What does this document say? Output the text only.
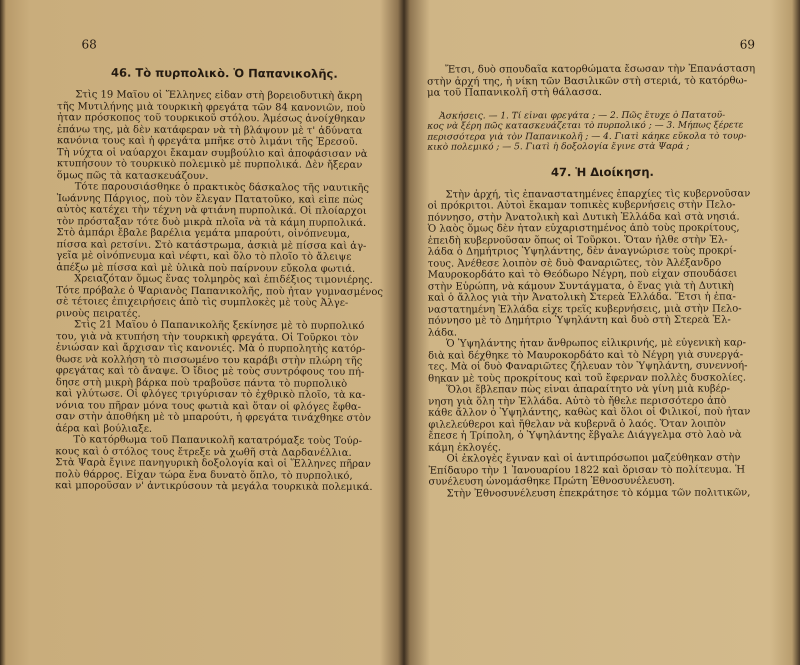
68
46. Τὸ πυρπολικὸ. Ὁ Παπανικολῆς.
Στὶς 19 Μαΐου οἱ Ἕλληνες εἶδαν στὴ βορειοδυτικὴ ἄκρη
τῆς Μυτιλήνης μιὰ τουρκικὴ φρεγάτα τῶν 84 κανονιῶν, ποὺ
ἦταν πρόσκοπος τοῦ τουρκικοῦ στόλου. Ἀμέσως ἀνοίχθηκαν
ἐπάνω της, μὰ δὲν κατάφεραν νὰ τὴ βλάψουν μὲ τ' ἀδύνατα
κανόνια τους καὶ ἡ φρεγάτα μπῆκε στὸ λιμάνι τῆς Ἐρεσοῦ.
Τὴ νύχτα οἱ ναύαρχοι ἔκαμαν συμβούλιο καὶ ἀποφάσισαν νὰ
κτυπήσουν τὸ τουρκικὸ πολεμικὸ μὲ πυρπολικά. Δὲν ἤξεραν
ὅμως πῶς τὰ κατασκευάζουν.
Τότε παρουσιάσθηκε ὁ πρακτικὸς δάσκαλος τῆς ναυτικῆς
Ἰωάννης Πάργιος, ποὺ τὸν ἔλεγαν Πατατοῦκο, καὶ εἶπε πὼς
αὐτὸς κατέχει τὴν τέχνη νὰ φτιάνη πυρπολικά. Οἱ πλοίαρχοι
τὸν πρόσταξαν τότε δυὸ μικρὰ πλοῖα νὰ τὰ κάμη πυρπολικά.
Στὸ ἀμπάρι ἔβαλε βαρέλια γεμάτα μπαρούτι, οἰνόπνευμα,
πίσσα καὶ ρετσίνι. Στὸ κατάστρωμα, ἀσκιὰ μὲ πίσσα καὶ ἀγ-
γεῖα μὲ οἰνόπνευμα καὶ νέφτι, καὶ ὅλο τὸ πλοῖο τὸ ἄλειψε
ἀπέξω μὲ πίσσα καὶ μὲ ὑλικὰ ποὺ παίρνουν εὔκολα φωτιά.
Χρειαζόταν ὅμως ἕνας τολμηρὸς καὶ ἐπιδέξιος τιμονιέρης.
Τότε πρόβαλε ὁ Ψαριανὸς Παπανικολῆς, ποὺ ἦταν γυμνασμένος
σὲ τέτοιες ἐπιχειρήσεις ἀπὸ τὶς συμπλοκὲς μὲ τοὺς Ἀλγε-
ρινοὺς πειρατές.
Στὶς 21 Μαΐου ὁ Παπανικολῆς ξεκίνησε μὲ τὸ πυρπολικό
του, γιὰ νὰ κτυπήση τὴν τουρκικὴ φρεγάτα. Οἱ Τοῦρκοι τὸν
ἐνιώσαν καὶ ἄρχισαν τὶς κανονιές. Μὰ ὁ πυρπολητὴς κατόρ-
θωσε νὰ κολλήση τὸ πισσωμένο του καράβι στὴν πλώρη τῆς
φρεγάτας καὶ τὸ ἄναψε. Ὁ ἴδιος μὲ τοὺς συντρόφους του πή-
δησε στὴ μικρὴ βάρκα ποὺ τραβοῦσε πάντα τὸ πυρπολικὸ
καὶ γλύτωσε. Οἱ φλόγες τριγύρισαν τὸ ἐχθρικὸ πλοῖο, τὰ κα-
νόνια του πῆραν μόνα τους φωτιὰ καὶ ὅταν οἱ φλόγες ἔφθα-
σαν στὴν ἀποθήκη μὲ τὸ μπαρούτι, ἡ φρεγάτα τινάχθηκε στὸν
ἀέρα καὶ βούλιαξε.
Τὸ κατόρθωμα τοῦ Παπανικολῆ κατατρόμαξε τοὺς Τούρ-
κους καὶ ὁ στόλος τους ἔτρεξε νὰ χωθῆ στὰ Δαρδανέλλια.
Στὰ Ψαρὰ ἔγινε πανηγυρικὴ δοξολογία καὶ οἱ Ἕλληνες πῆραν
πολὺ θάρρος. Εἶχαν τώρα ἕνα δυνατὸ ὅπλο, τὸ πυρπολικό,
καὶ μποροῦσαν ν' ἀντικρύσουν τὰ μεγάλα τουρκικὰ πολεμικά.
69
Ἔτσι, δυὸ σπουδαῖα κατορθώματα ἔσωσαν τὴν Ἐπανάσταση
στὴν ἀρχή της, ἡ νίκη τῶν Βασιλικῶν στὴ στεριά, τὸ κατόρθω-
μα τοῦ Παπανικολῆ στὴ θάλασσα.
Ἀσκήσεις. — 1. Τί εἶναι φρεγάτα ; — 2. Πῶς ἔτυχε ὁ Πατατοῦ-
κος νὰ ξέρη πῶς κατασκευάζεται τὸ πυρπολικό ; — 3. Μήπως ξέρετε
περισσότερα γιὰ τὸν Παπανικολῆ ; — 4. Γιατὶ κάηκε εὔκολα τὸ τουρ-
κικὸ πολεμικό ; — 5. Γιατὶ ἡ δοξολογία ἔγινε στὰ Ψαρά ;
47. Ἡ Διοίκηση.
Στὴν ἀρχή, τὶς ἐπαναστατημένες ἐπαρχίες τὶς κυβερνοῦσαν
οἱ πρόκριτοι. Αὐτοὶ ἔκαμαν τοπικὲς κυβερνήσεις στὴν Πελο-
πόννησο, στὴν Ἀνατολικὴ καὶ Δυτικὴ Ἑλλάδα καὶ στὰ νησιά.
Ὁ λαὸς ὅμως δὲν ἦταν εὐχαριστημένος ἀπὸ τοὺς προκρίτους,
ἐπειδὴ κυβερνοῦσαν ὅπως οἱ Τοῦρκοι. Ὅταν ἦλθε στὴν Ἑλ-
λάδα ὁ Δημήτριος Ὑψηλάντης, δὲν ἀναγνώρισε τοὺς προκρί-
τους. Ἀνέθεσε λοιπὸν σὲ δυὸ Φαναριῶτες, τὸν Ἀλέξανδρο
Μαυροκορδάτο καὶ τὸ Θεόδωρο Νέγρη, ποὺ εἶχαν σπουδάσει
στὴν Εὐρώπη, νὰ κάμουν Συντάγματα, ὁ ἕνας γιὰ τὴ Δυτικὴ
καὶ ὁ ἄλλος γιὰ τὴν Ἀνατολικὴ Στερεὰ Ἑλλάδα. Ἔτσι ἡ ἐπα-
ναστατημένη Ἑλλάδα εἶχε τρεῖς κυβερνήσεις, μιὰ στὴν Πελο-
πόννησο μὲ τὸ Δημήτριο Ὑψηλάντη καὶ δυὸ στὴ Στερεὰ Ἑλ-
λάδα.
Ὁ Ὑψηλάντης ἦταν ἄνθρωπος εἰλικρινής, μὲ εὐγενικὴ καρ-
διὰ καὶ δέχθηκε τὸ Μαυροκορδάτο καὶ τὸ Νέγρη γιὰ συνεργά-
τες. Μὰ οἱ δυὸ Φαναριῶτες ζήλευαν τὸν Ὑψηλάντη, συνεννοή-
θηκαν μὲ τοὺς προκρίτους καὶ τοῦ ἔφερναν πολλὲς δυσκολίες.
Ὅλοι ἔβλεπαν πὼς εἶναι ἀπαραίτητο νὰ γίνη μιὰ κυβέρ-
νηση γιὰ ὅλη τὴν Ἑλλάδα. Αὐτὸ τὸ ἤθελε περισσότερο ἀπὸ
κάθε ἄλλον ὁ Ὑψηλάντης, καθὼς καὶ ὅλοι οἱ Φιλικοί, ποὺ ἦταν
φιλελεύθεροι καὶ ἤθελαν νὰ κυβερνᾶ ὁ λαός. Ὅταν λοιπὸν
ἔπεσε ἡ Τρίπολη, ὁ Ὑψηλάντης ἔβγαλε Διάγγελμα στὸ λαὸ νὰ
κάμη ἐκλογές.
Οἱ ἐκλογὲς ἔγιναν καὶ οἱ ἀντιπρόσωποι μαζεύθηκαν στὴν
Ἐπίδαυρο τὴν 1 Ἰανουαρίου 1822 καὶ ὅρισαν τὸ πολίτευμα. Ἡ
συνέλευση ὠνομάσθηκε Πρώτη Ἐθνοσυνέλευση.
Στὴν Ἐθνοσυνέλευση ἐπεκράτησε τὸ κόμμα τῶν πολιτικῶν,
